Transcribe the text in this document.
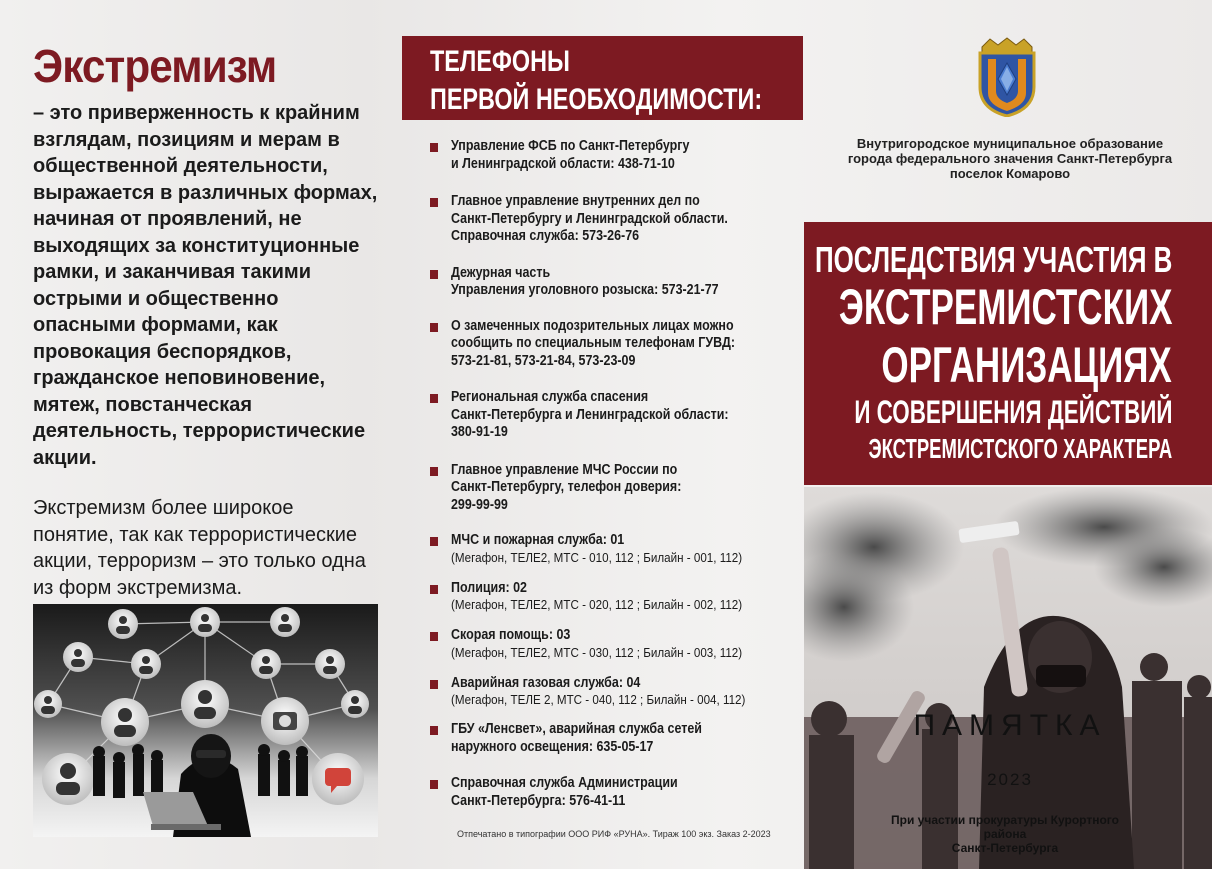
Экстремизм

– это приверженность к крайним взглядам, позициям и мерам в общественной деятельности, выражается в различных формах, начиная от проявлений, не выходящих за конституционные рамки, и заканчивая такими острыми и общественно опасными формами, как провокация беспорядков, гражданское неповиновение, мятеж, повстанческая деятельность, террористические акции.

Экстремизм более широкое понятие, так как террористические акции, терроризм – это только одна из форм экстремизма.

ТЕЛЕФОНЫ
ПЕРВОЙ НЕОБХОДИМОСТИ:
Управление ФСБ по Санкт-Петербургу
и Ленинградской области: 438-71-10
Главное управление внутренних дел по
Санкт-Петербургу и Ленинградской области.
Справочная служба: 573-26-76
Дежурная часть
Управления уголовного розыска: 573-21-77
О замеченных подозрительных лицах можно
сообщить по специальным телефонам ГУВД:
573-21-81, 573-21-84, 573-23-09
Региональная служба спасения
Санкт-Петербурга и Ленинградской области:
380-91-19
Главное управление МЧС России по
Санкт-Петербургу, телефон доверия:
299-99-99
МЧС и пожарная служба: 01
(Мегафон, ТЕЛЕ2, МТС - 010, 112 ; Билайн - 001, 112)
Полиция: 02
(Мегафон, ТЕЛЕ2, МТС - 020, 112 ; Билайн - 002, 112)
Скорая помощь: 03
(Мегафон, ТЕЛЕ2, МТС - 030, 112 ; Билайн - 003, 112)
Аварийная газовая служба: 04
(Мегафон, ТЕЛЕ 2, МТС - 040, 112 ; Билайн - 004, 112)
ГБУ «Ленсвет», аварийная служба сетей
наружного освещения: 635-05-17
Справочная служба Администрации
Санкт-Петербурга: 576-41-11
Отпечатано в типографии ООО РИФ «РУНА». Тираж 100 экз. Заказ 2-2023
Внутригородское муниципальное образование
города федерального значения Санкт-Петербурга
поселок Комарово
ПОСЛЕДСТВИЯ УЧАСТИЯ В
ЭКСТРЕМИСТСКИХ
ОРГАНИЗАЦИЯХ
И СОВЕРШЕНИЯ ДЕЙСТВИЙ
ЭКСТРЕМИСТСКОГО ХАРАКТЕРА
ПАМЯТКА
2023
При участии прокуратуры Курортного района
Санкт-Петербурга
